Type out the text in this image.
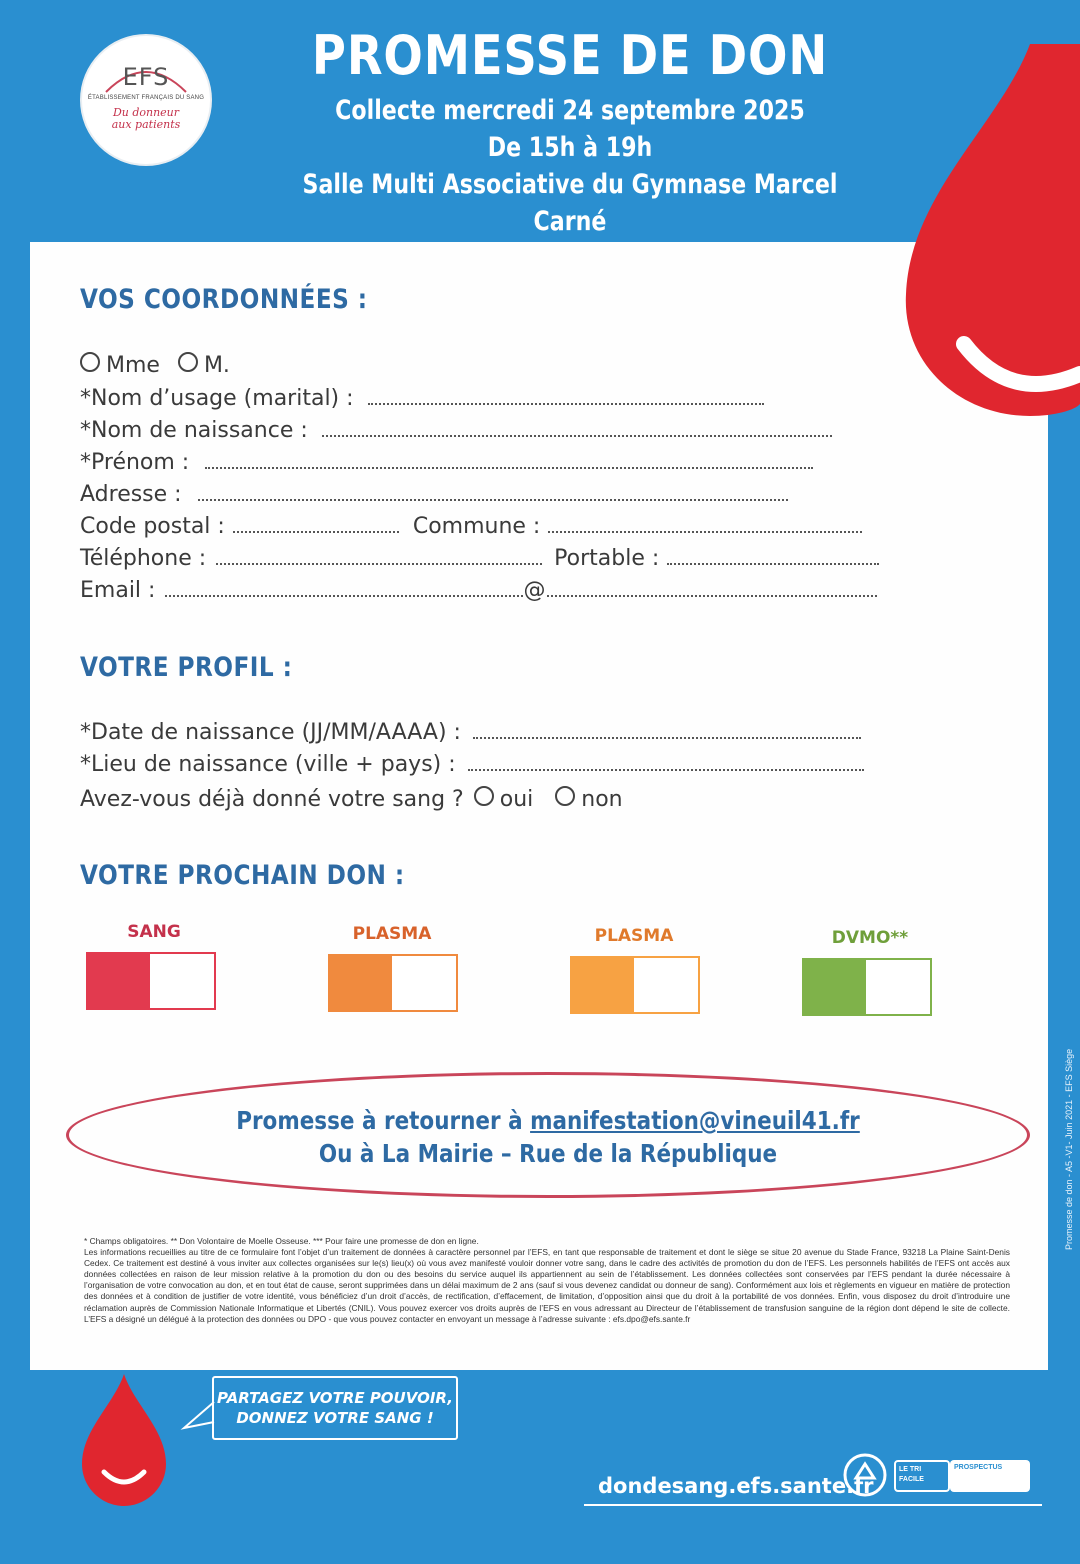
EFS
ÉTABLISSEMENT FRANÇAIS DU SANG
Du donneur
aux patients
PROMESSE DE DON
Collecte mercredi 24 septembre 2025
De 15h à 19h
Salle Multi Associative du Gymnase Marcel Carné
VOS COORDONNÉES :
Mme M.
*Nom d’usage (marital) :
*Nom de naissance :
*Prénom :
Adresse :
Code postal :	Commune :
Téléphone :	Portable :
Email :	@
VOTRE PROFIL :
*Date de naissance (JJ/MM/AAAA) :
*Lieu de naissance (ville + pays) :
Avez-vous déjà donné votre sang ? oui non
VOTRE PROCHAIN DON :
SANG	PLASMA	PLASMA	DVMO**
Promesse à retourner à manifestation@vineuil41.fr
Ou à La Mairie – Rue de la République
* Champs obligatoires. ** Don Volontaire de Moelle Osseuse. *** Pour faire une promesse de don en ligne.
Les informations recueillies au titre de ce formulaire font l’objet d’un traitement de données à caractère personnel par l’EFS, en tant que responsable de traitement et dont le siège se situe 20 avenue du Stade France, 93218 La Plaine Saint-Denis Cedex. Ce traitement est destiné à vous inviter aux collectes organisées sur le(s) lieu(x) où vous avez manifesté vouloir donner votre sang, dans le cadre des activités de promotion du don de l’EFS. Les personnels habilités de l’EFS ont accès aux données collectées en raison de leur mission relative à la promotion du don ou des besoins du service auquel ils appartiennent au sein de l’établissement. Les données collectées sont conservées par l’EFS pendant la durée nécessaire à l’organisation de votre convocation au don, et en tout état de cause, seront supprimées dans un délai maximum de 2 ans (sauf si vous devenez candidat ou donneur de sang). Conformément aux lois et règlements en vigueur en matière de protection des données et à condition de justifier de votre identité, vous bénéficiez d’un droit d’accès, de rectification, d’effacement, de limitation, d’opposition ainsi que du droit à la portabilité de vos données. Enfin, vous disposez du droit d’introduire une réclamation auprès de Commission Nationale Informatique et Libertés (CNIL). Vous pouvez exercer vos droits auprès de l’EFS en vous adressant au Directeur de l’établissement de transfusion sanguine de la région dont dépend le site de collecte. L’EFS a désigné un délégué à la protection des données ou DPO - que vous pouvez contacter en envoyant un message à l’adresse suivante : efs.dpo@efs.sante.fr
Promesse de don - A5 -V1- Juin 2021 - EFS Siège
PARTAGEZ VOTRE POUVOIR,
DONNEZ VOTRE SANG !
dondesang.efs.sante.fr
LE TRI
FACILE
PROSPECTUS
